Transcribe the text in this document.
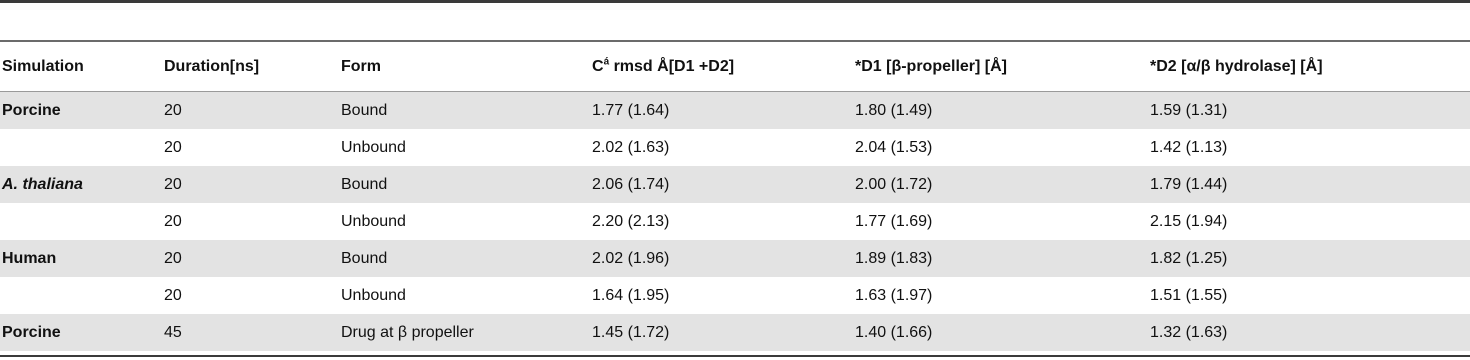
Simulation	Duration[ns]	Form	$C^á$ rmsd Å[D1 +D2]	*D1 [β-propeller] [Å]	*D2 [α/β hydrolase] [Å]
Porcine	20	Bound	1.77 (1.64)	1.80 (1.49)	1.59 (1.31)
	20	Unbound	2.02 (1.63)	2.04 (1.53)	1.42 (1.13)
A. thaliana	20	Bound	2.06 (1.74)	2.00 (1.72)	1.79 (1.44)
	20	Unbound	2.20 (2.13)	1.77 (1.69)	2.15 (1.94)
Human	20	Bound	2.02 (1.96)	1.89 (1.83)	1.82 (1.25)
	20	Unbound	1.64 (1.95)	1.63 (1.97)	1.51 (1.55)
Porcine	45	Drug at β propeller	1.45 (1.72)	1.40 (1.66)	1.32 (1.63)
